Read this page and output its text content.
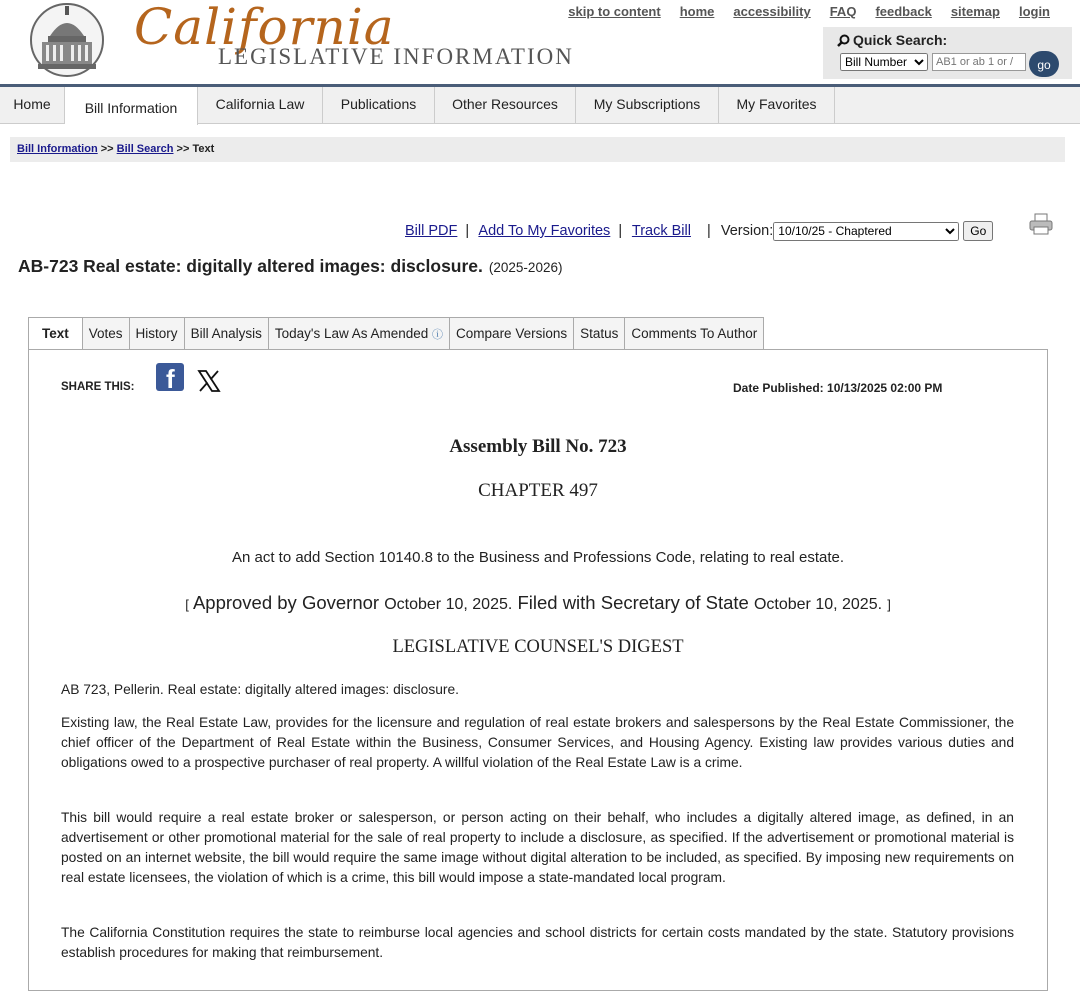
California
LEGISLATIVE INFORMATION
skip to content home accessibility FAQ feedback sitemap login
Quick Search:
Bill Number
AB1 or ab 1 or /
go
Home	Bill Information	California Law	Publications	Other Resources	My Subscriptions	My Favorites
Bill Information >> Bill Search >> Text
Bill PDF | Add To My Favorites | Track Bill   | Version:
10/10/25 - Chaptered	Go
AB-723 Real estate: digitally altered images: disclosure. (2025-2026)
Text	Votes History Bill Analysis Today's Law As Amended ⓘ Compare Versions Status Comments To Author
SHARE THIS: f	Date Published: 10/13/2025 02:00 PM
Assembly Bill No. 723
CHAPTER 497
An act to add Section 10140.8 to the Business and Professions Code, relating to real estate.
[ Approved by Governor October 10, 2025. Filed with Secretary of State October 10, 2025. ]
LEGISLATIVE COUNSEL'S DIGEST
AB 723, Pellerin. Real estate: digitally altered images: disclosure.
Existing law, the Real Estate Law, provides for the licensure and regulation of real estate brokers and salespersons by the Real Estate Commissioner, the chief officer of the Department of Real Estate within the Business, Consumer Services, and Housing Agency. Existing law provides various duties and obligations owed to a prospective purchaser of real property. A willful violation of the Real Estate Law is a crime.
This bill would require a real estate broker or salesperson, or person acting on their behalf, who includes a digitally altered image, as defined, in an advertisement or other promotional material for the sale of real property to include a disclosure, as specified. If the advertisement or promotional material is posted on an internet website, the bill would require the same image without digital alteration to be included, as specified. By imposing new requirements on real estate licensees, the violation of which is a crime, this bill would impose a state-mandated local program.
The California Constitution requires the state to reimburse local agencies and school districts for certain costs mandated by the state. Statutory provisions establish procedures for making that reimbursement.
